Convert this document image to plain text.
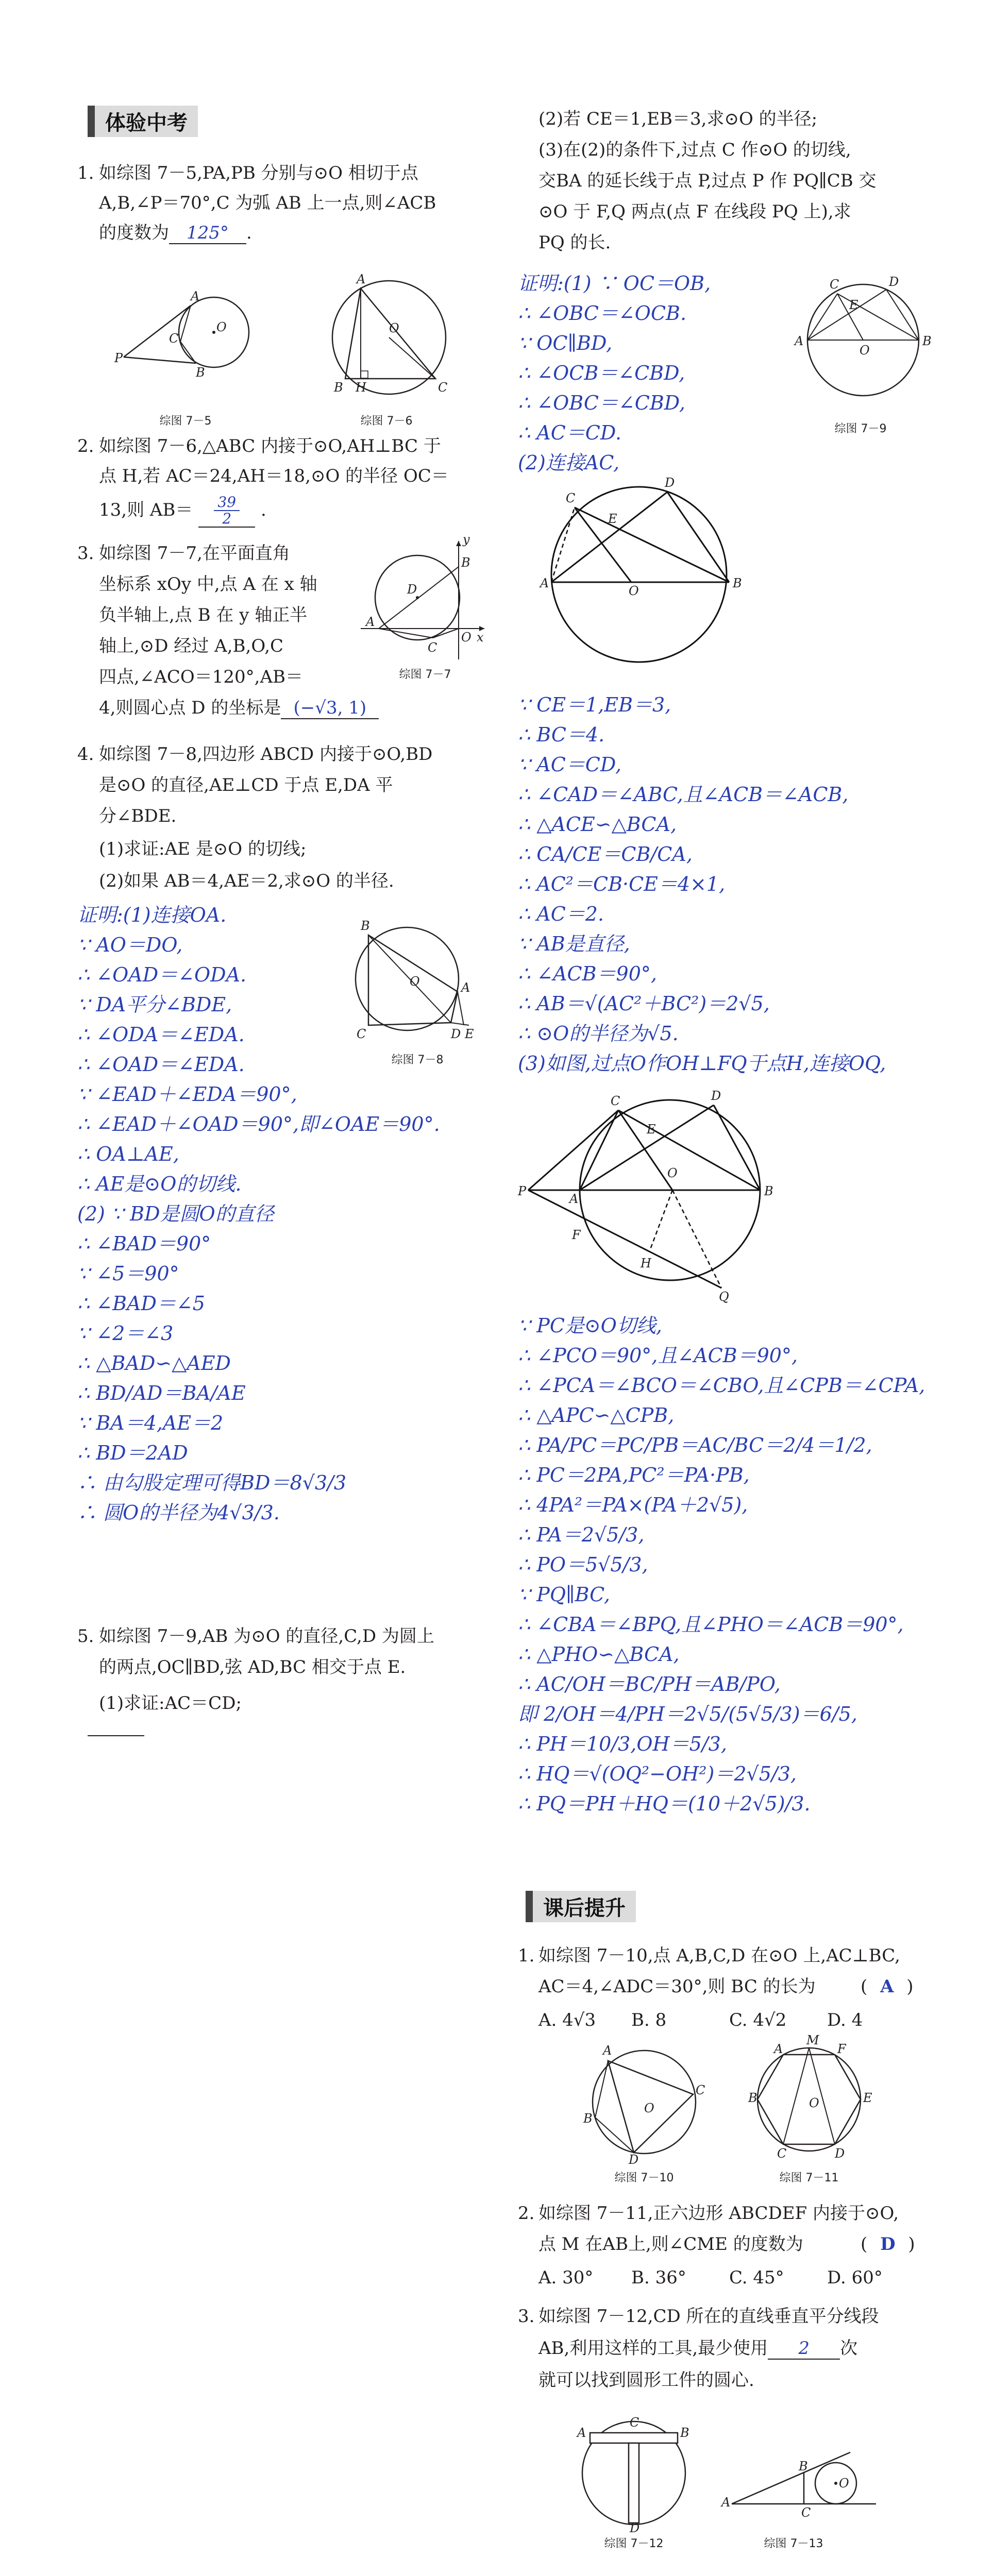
体验中考
1. 如综图 7－5,PA,PB 分别与⊙O 相切于点
A,B,∠P＝70°,C 为弧 AB 上一点,则∠ACB
的度数为 125° .
A
P
C
B
O
综图 7－5
A
B H	C
O
综图 7－6
2. 如综图 7－6,△ABC 内接于⊙O,AH⊥BC 于
点 H,若 AC＝24,AH＝18,⊙O 的半径 OC＝
13,则 $AB= \frac{39}{2}$ .
3. 如综图 7－7,在平面直角
坐标系 xOy 中,点 A 在 x 轴
负半轴上,点 B 在 y 轴正半
轴上,⊙D 经过 A,B,O,C
四点,∠ACO＝120°,AB＝
4,则圆心点 D 的坐标是 (−√3, 1)
A
B
O
C
D
x
y
综图 7－7
4. 如综图 7－8,四边形 ABCD 内接于⊙O,BD
是⊙O 的直径,AE⊥CD 于点 E,DA 平
分∠BDE.
(1)求证:AE 是⊙O 的切线;
(2)如果 AB＝4,AE＝2,求⊙O 的半径.
B
A
C	D E
O
综图 7－8
证明:(1)连接OA.
∵ AO＝DO,
∴ ∠OAD＝∠ODA.
∵ DA平分∠BDE,
∴ ∠ODA＝∠EDA.
∴ ∠OAD＝∠EDA.
∵ ∠EAD＋∠EDA＝90°,
∴ ∠EAD＋∠OAD＝90°,即∠OAE＝90°.
∴ OA⊥AE,
∴ AE是⊙O的切线.
(2) ∵ BD是圆O的直径
∴ ∠BAD＝90°
∵ ∠5＝90°
∴ ∠BAD＝∠5
∵ ∠2＝∠3
∴ △BAD∽△AED
∴ BD/AD＝BA/AE
∵ BA＝4,AE＝2
∴ BD＝2AD
∴ 由勾股定理可得BD＝8√3/3
∴ 圆O的半径为4√3/3.
5. 如综图 7－9,AB 为⊙O 的直径,C,D 为圆上
的两点,OC∥BD,弦 AD,BC 相交于点 E.
(1)求证:AC＝CD;
(2)若 CE＝1,EB＝3,求⊙O 的半径;
(3)在(2)的条件下,过点 C 作⊙O 的切线,
交BA 的延长线于点 P,过点 P 作 PQ∥CB 交
⊙O 于 F,Q 两点(点 F 在线段 PQ 上),求
PQ 的长.
C	D
E
A	B
O
综图 7－9
证明:(1) ∵ OC＝OB,
∴ ∠OBC＝∠OCB.
∵ OC∥BD,
∴ ∠OCB＝∠CBD,
∴ ∠OBC＝∠CBD,
∴ AC＝CD.
(2)连接AC,
C
D
E
A	B
O
∵ CE＝1,EB＝3,
∴ BC＝4.
∵ AC＝CD,
∴ ∠CAD＝∠ABC,且∠ACB＝∠ACB,
∴ △ACE∽△BCA,
∴ CA/CE＝CB/CA,
∴ AC²＝CB·CE＝4×1,
∴ AC＝2.
∵ AB是直径,
∴ ∠ACB＝90°,
∴ AB＝√(AC²＋BC²)＝2√5,
∴ ⊙O的半径为√5.
(3)如图,过点O作OH⊥FQ于点H,连接OQ,
C	D
E
P
A
B
O
F
H
Q
∵ PC是⊙O切线,
∴ ∠PCO＝90°,且∠ACB＝90°,
∴ ∠PCA＝∠BCO＝∠CBO,且∠CPB＝∠CPA,
∴ △APC∽△CPB,
∴ PA/PC＝PC/PB＝AC/BC＝2/4＝1/2,
∴ PC＝2PA,PC²＝PA·PB,
∴ 4PA²＝PA×(PA＋2√5),
∴ PA＝2√5/3,
∴ PO＝5√5/3,
∵ PQ∥BC,
∴ ∠CBA＝∠BPQ,且∠PHO＝∠ACB＝90°,
∴ △PHO∽△BCA,
∴ AC/OH＝BC/PH＝AB/PO,
即 2/OH＝4/PH＝2√5/(5√5/3)＝6/5,
∴ PH＝10/3,OH＝5/3,
∴ HQ＝√(OQ²−OH²)＝2√5/3,
∴ PQ＝PH＋HQ＝(10＋2√5)/3.
课后提升
1. 如综图 7－10,点 A,B,C,D 在⊙O 上,AC⊥BC,
AC＝4,∠ADC＝30°,则 BC 的长为	( A )
A. 4√3 B. 8	C. 4√2 D. 4
A
B
D
C
O
综图 7－10
M
A	F
B	E
C	D
O
综图 7－11
2. 如综图 7－11,正六边形 ABCDEF 内接于⊙O,
点 M 在AB上,则∠CME 的度数为	( D )
A. 30° B. 36° C. 45° D. 60°
3. 如综图 7－12,CD 所在的直线垂直平分线段
AB,利用这样的工具,最少使用 2 次
就可以找到圆形工件的圆心.
A	B
C
D
综图 7－12
A
B
C
O
综图 7－13
